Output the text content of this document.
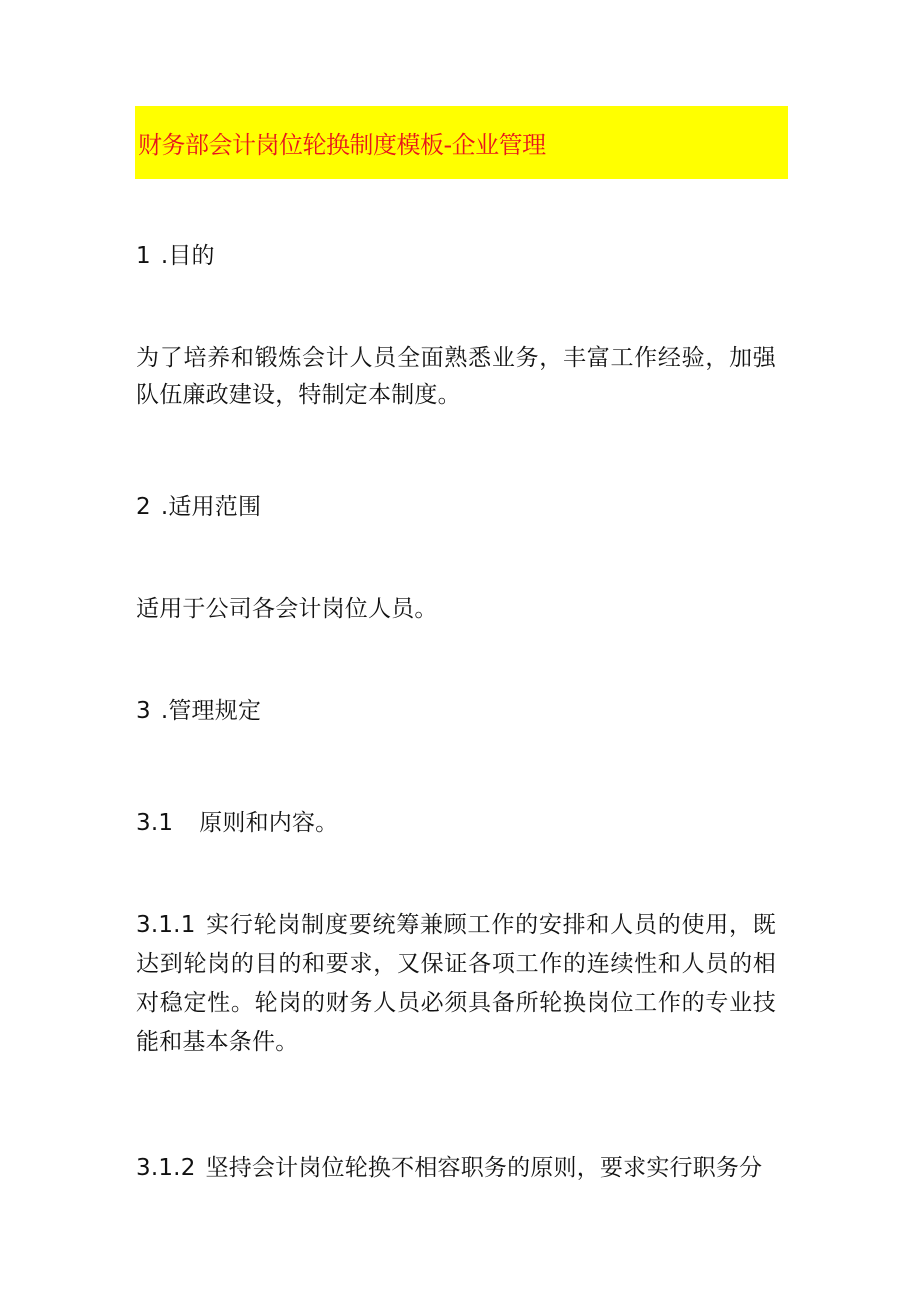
财务部会计岗位轮换制度模板-企业管理
1 .目的
为了培养和锻炼会计人员全面熟悉业务，丰富工作经验，加强队伍廉政建设，特制定本制度。
2 .适用范围
适用于公司各会计岗位人员。
3 .管理规定
3.1 原则和内容。
3.1.1 实行轮岗制度要统筹兼顾工作的安排和人员的使用，既达到轮岗的目的和要求，又保证各项工作的连续性和人员的相对稳定性。轮岗的财务人员必须具备所轮换岗位工作的专业技能和基本条件。
3.1.2 坚持会计岗位轮换不相容职务的原则，要求实行职务分
